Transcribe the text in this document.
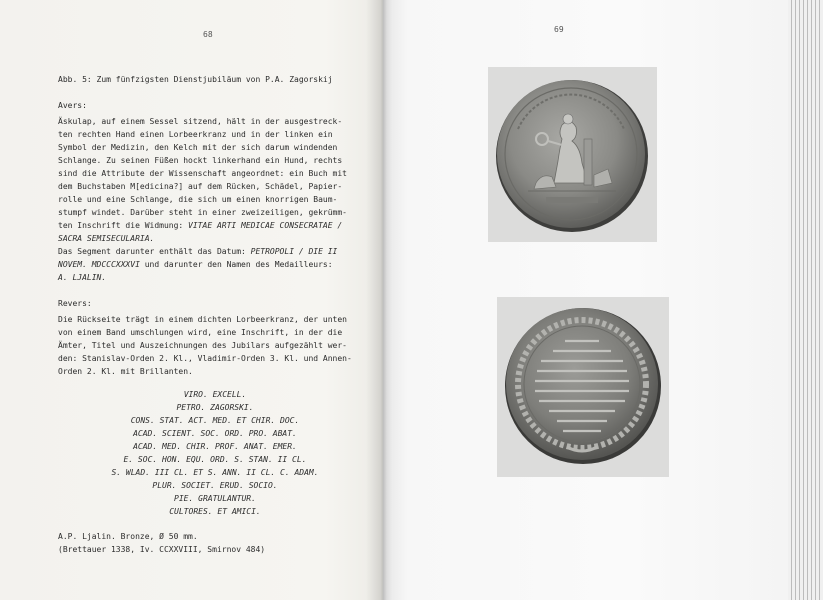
68
Abb. 5: Zum fünfzigsten Dienstjubiläum von P.A. Zagorskij
Avers:
Äskulap, auf einem Sessel sitzend, hält in der ausgestreck-
ten rechten Hand einen Lorbeerkranz und in der linken ein
Symbol der Medizin, den Kelch mit der sich darum windenden
Schlange. Zu seinen Füßen hockt linkerhand ein Hund, rechts
sind die Attribute der Wissenschaft angeordnet: ein Buch mit
dem Buchstaben M[edicina?] auf dem Rücken, Schädel, Papier-
rolle und eine Schlange, die sich um einen knorrigen Baum-
stumpf windet. Darüber steht in einer zweizeiligen, gekrümm-
ten Inschrift die Widmung: VITAE ARTI MEDICAE CONSECRATAE /
SACRA SEMISECULARIA.
Das Segment darunter enthält das Datum: PETROPOLI / DIE II
NOVEM. MDCCCXXXVI und darunter den Namen des Medailleurs:
A. LJALIN.
Revers:
Die Rückseite trägt in einem dichten Lorbeerkranz, der unten
von einem Band umschlungen wird, eine Inschrift, in der die
Ämter, Titel und Auszeichnungen des Jubilars aufgezählt wer-
den: Stanislav-Orden 2. Kl., Vladimir-Orden 3. Kl. und Annen-
Orden 2. Kl. mit Brillanten.
VIRO. EXCELL.
PETRO. ZAGORSKI.
CONS. STAT. ACT. MED. ET CHIR. DOC.
ACAD. SCIENT. SOC. ORD. PRO. ABAT.
ACAD. MED. CHIR. PROF. ANAT. EMER.
E. SOC. HON. EQU. ORD. S. STAN. II CL.
S. WLAD. III CL. ET S. ANN. II CL. C. ADAM.
PLUR. SOCIET. ERUD. SOCIO.
PIE. GRATULANTUR.
CULTORES. ET AMICI.
A.P. Ljalin. Bronze, Ø 50 mm.
(Brettauer 1338, Iv. CCXXVIII, Smirnov 484)
69
